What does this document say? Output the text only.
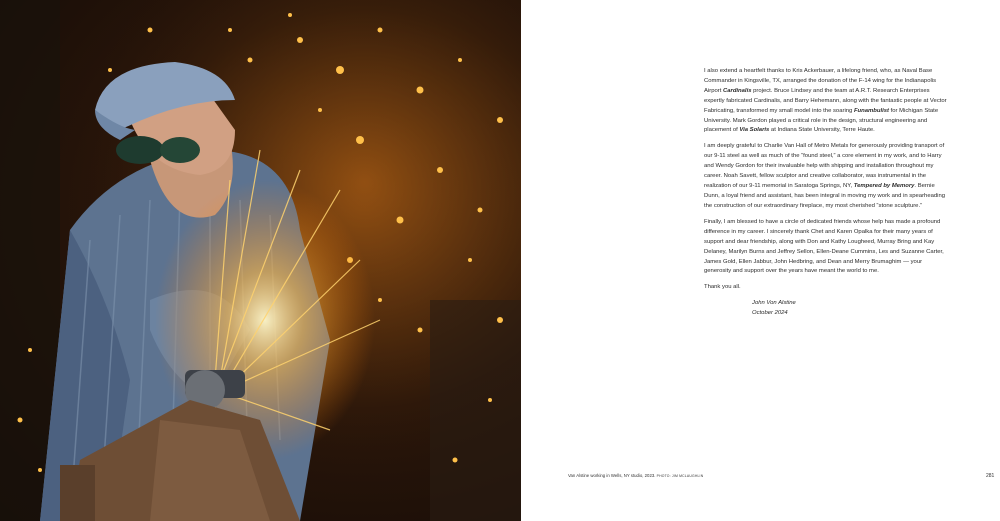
I also extend a heartfelt thanks to Kris Ackerbauer, a lifelong friend, who, as Naval Base Commander in Kingsville, TX, arranged the donation of the F-14 wing for the Indianapolis Airport Cardinalis project. Bruce Lindsey and the team at A.R.T. Research Enterprises expertly fabricated Cardinalis, and Barry Hehemann, along with the fantastic people at Vector Fabricating, transformed my small model into the soaring Funambulist for Michigan State University. Mark Gordon played a critical role in the design, structural engineering and placement of Via Solaris at Indiana State University, Terre Haute.

I am deeply grateful to Charlie Van Hall of Metro Metals for generously providing transport of our 9-11 steel as well as much of the “found steel,” a core element in my work, and to Harry and Wendy Gordon for their invaluable help with shipping and installation throughout my career. Noah Savett, fellow sculptor and creative collaborator, was instrumental in the realization of our 9-11 memorial in Saratoga Springs, NY, Tempered by Memory. Bernie Dunn, a loyal friend and assistant, has been integral in moving my work and in spearheading the construction of our extraordinary fireplace, my most cherished “stone sculpture.”

Finally, I am blessed to have a circle of dedicated friends whose help has made a profound difference in my career. I sincerely thank Chet and Karen Opalka for their many years of support and dear friendship, along with Don and Kathy Lougheed, Murray Bring and Kay Delaney, Marilyn Burns and Jeffrey Sellon, Ellen-Deane Cummins, Les and Suzanne Carter, James Gold, Ellen Jabbur, John Hedbring, and Dean and Merry Brumaghim — your generosity and support over the years have meant the world to me.

Thank you all.

John Von Alstine
October 2024
Van Alstine working in Wells, NY studio, 2023. PHOTO: JIM MCLAUGHLIN	281
